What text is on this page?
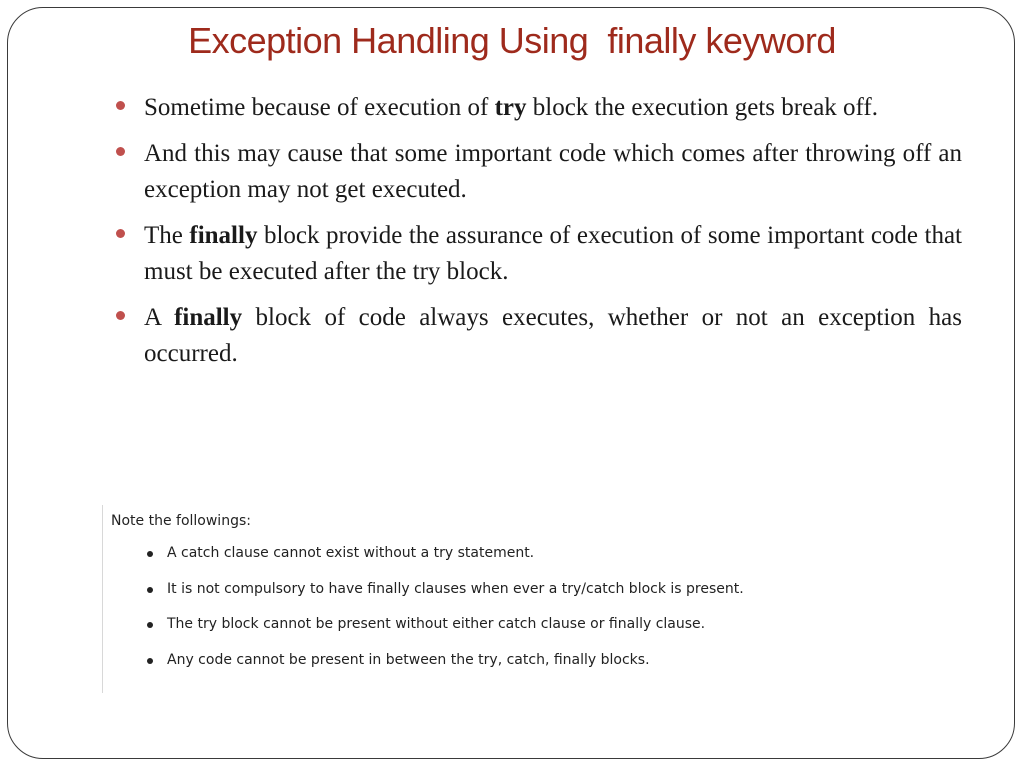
Exception Handling Using  finally keyword
Sometime because of execution of try block the execution gets break off.
And this may cause that some important code which comes after throwing off an exception may not get executed.
The finally block provide the assurance of execution of some important code that must be executed after the try block.
A finally block of code always executes, whether or not an exception has occurred.
Note the followings:
A catch clause cannot exist without a try statement.
It is not compulsory to have finally clauses when ever a try/catch block is present.
The try block cannot be present without either catch clause or finally clause.
Any code cannot be present in between the try, catch, finally blocks.
